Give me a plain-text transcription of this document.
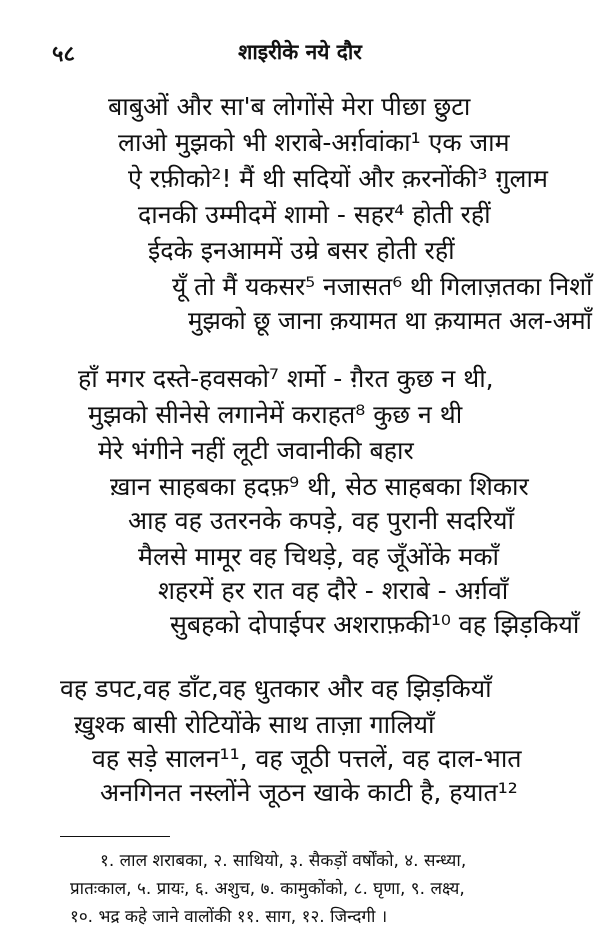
५८	शाइरीके नये दौर
बाबुओं और सा'ब लोगोंसे मेरा पीछा छुटा
लाओ मुझको भी शराबे-अर्ग़वांका¹ एक जाम
ऐ रफ़ीको²! मैं थी सदियों और क़रनोंकी³ ग़ुलाम
दानकी उम्मीदमें शामो - सहर⁴ होती रहीं
ईदके इनआममें उम्रे बसर होती रहीं
यूँ तो मैं यकसर⁵ नजासत⁶ थी गिलाज़तका निशाँ
मुझको छू जाना क़यामत था क़यामत अल-अमाँ
हाँ मगर दस्ते-हवसको⁷ शर्मो - ग़ैरत कुछ न थी,
मुझको सीनेसे लगानेमें कराहत⁸ कुछ न थी
मेरे भंगीने नहीं लूटी जवानीकी बहार
ख़ान साहबका हदफ़⁹ थी, सेठ साहबका शिकार
आह वह उतरनके कपड़े, वह पुरानी सदरियाँ
मैलसे मामूर वह चिथड़े, वह जूँओंके मकाँ
शहरमें हर रात वह दौरे - शराबे - अर्ग़वाँ
सुबहको दोपाईपर अशराफ़की¹⁰ वह झिड़कियाँ
वह डपट,वह डाँट,वह धुतकार और वह झिड़कियाँ
ख़ुश्क बासी रोटियोंके साथ ताज़ा गालियाँ
वह सड़े सालन¹¹, वह जूठी पत्तलें, वह दाल-भात
अनगिनत नस्लोंने जूठन खाके काटी है, हयात¹²
१. लाल शराबका, २. साथियो, ३. सैकड़ों वर्षोंको, ४. सन्ध्या,
प्रातःकाल, ५. प्रायः, ६. अशुच, ७. कामुकोंको, ८. घृणा, ९. लक्ष्य,
१०. भद्र कहे जाने वालोंकी ११. साग, १२. जिन्दगी ।
